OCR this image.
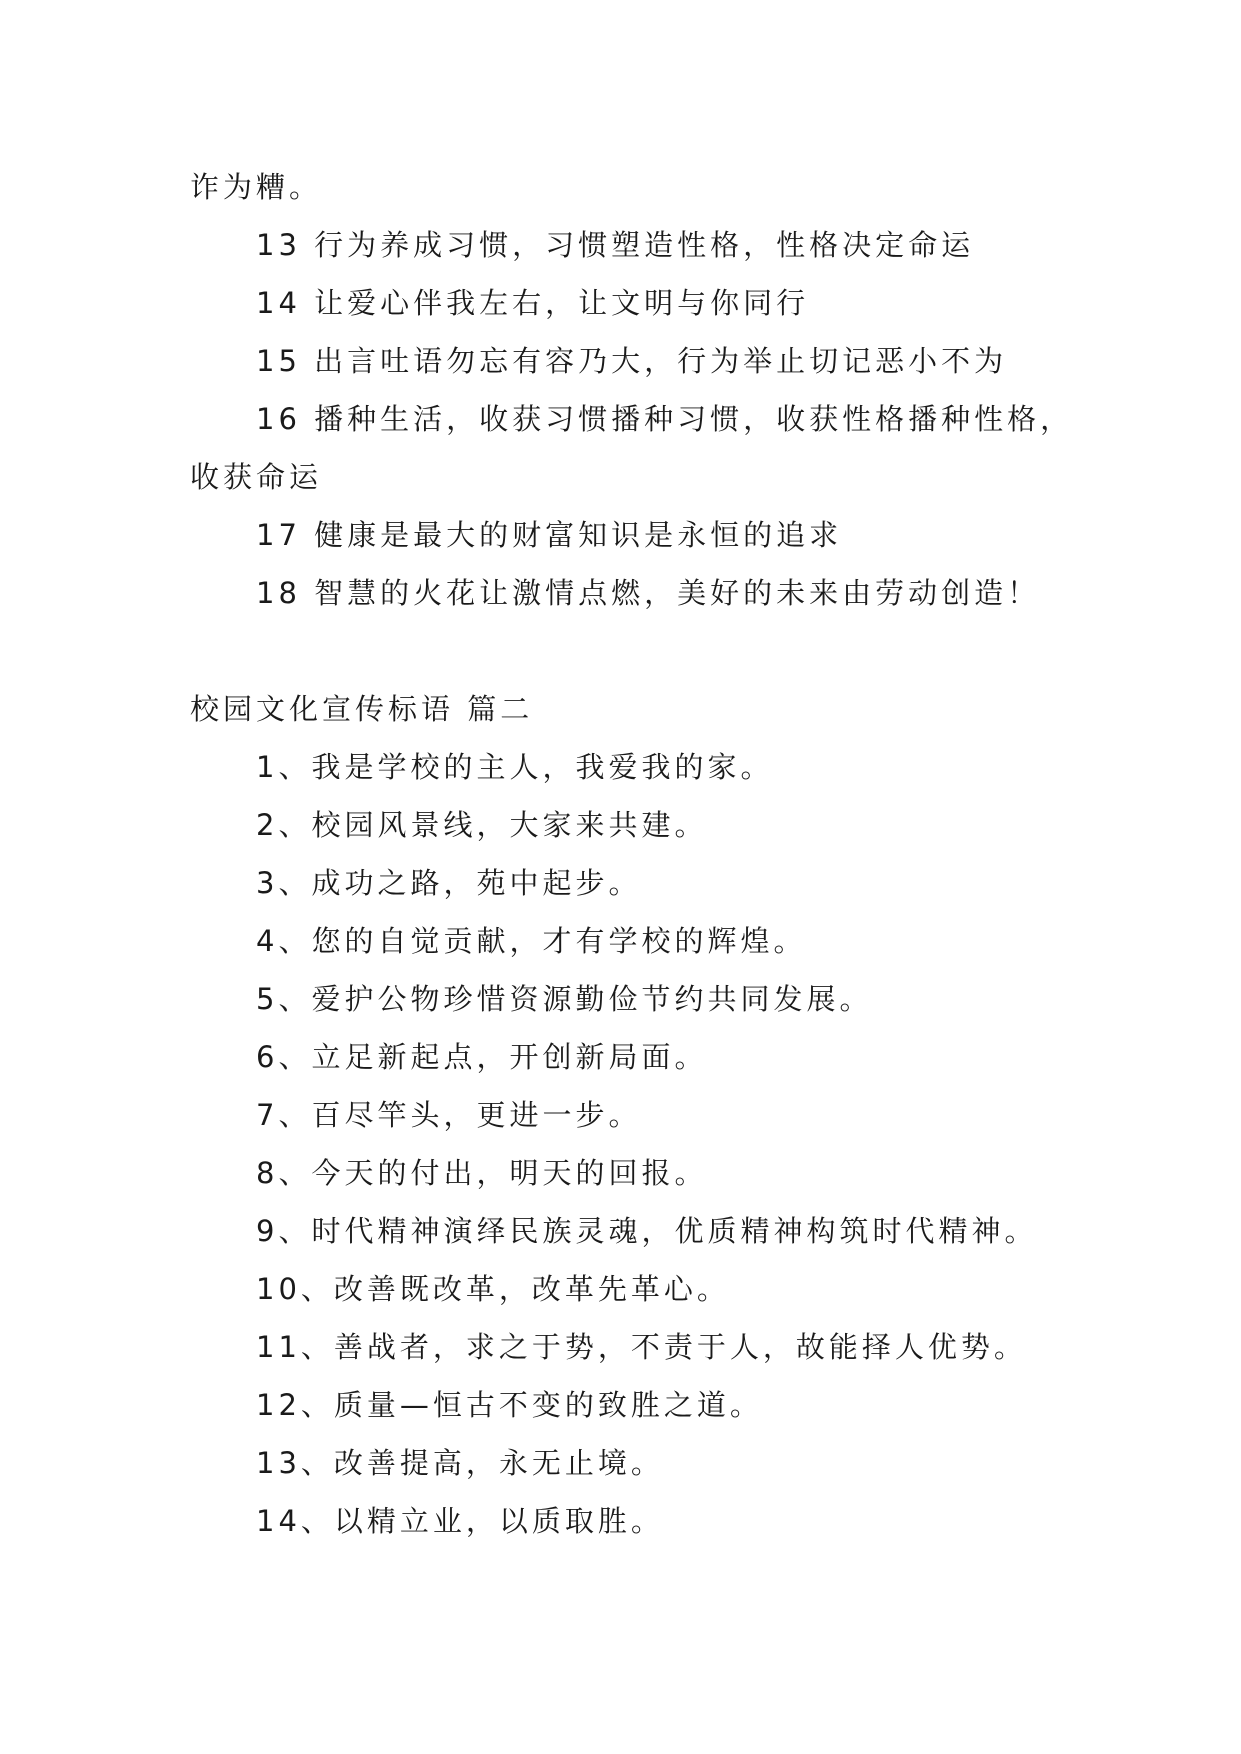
诈为糟。
13 行为养成习惯，习惯塑造性格，性格决定命运
14 让爱心伴我左右，让文明与你同行
15 出言吐语勿忘有容乃大，行为举止切记恶小不为
16 播种生活，收获习惯播种习惯，收获性格播种性格，
收获命运
17 健康是最大的财富知识是永恒的追求
18 智慧的火花让激情点燃，美好的未来由劳动创造！
校园文化宣传标语 篇二
1、我是学校的主人，我爱我的家。
2、校园风景线，大家来共建。
3、成功之路，苑中起步。
4、您的自觉贡献，才有学校的辉煌。
5、爱护公物珍惜资源勤俭节约共同发展。
6、立足新起点，开创新局面。
7、百尽竿头，更进一步。
8、今天的付出，明天的回报。
9、时代精神演绎民族灵魂，优质精神构筑时代精神。
10、改善既改革，改革先革心。
11、善战者，求之于势，不责于人，故能择人优势。
12、质量—恒古不变的致胜之道。
13、改善提高，永无止境。
14、以精立业，以质取胜。
